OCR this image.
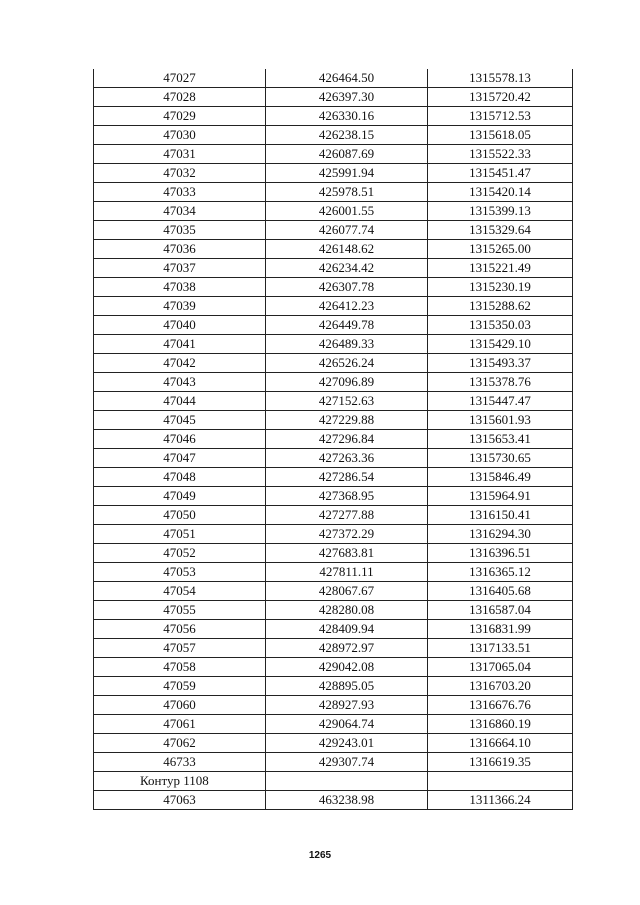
47027	426464.50	1315578.13
47028	426397.30	1315720.42
47029	426330.16	1315712.53
47030	426238.15	1315618.05
47031	426087.69	1315522.33
47032	425991.94	1315451.47
47033	425978.51	1315420.14
47034	426001.55	1315399.13
47035	426077.74	1315329.64
47036	426148.62	1315265.00
47037	426234.42	1315221.49
47038	426307.78	1315230.19
47039	426412.23	1315288.62
47040	426449.78	1315350.03
47041	426489.33	1315429.10
47042	426526.24	1315493.37
47043	427096.89	1315378.76
47044	427152.63	1315447.47
47045	427229.88	1315601.93
47046	427296.84	1315653.41
47047	427263.36	1315730.65
47048	427286.54	1315846.49
47049	427368.95	1315964.91
47050	427277.88	1316150.41
47051	427372.29	1316294.30
47052	427683.81	1316396.51
47053	427811.11	1316365.12
47054	428067.67	1316405.68
47055	428280.08	1316587.04
47056	428409.94	1316831.99
47057	428972.97	1317133.51
47058	429042.08	1317065.04
47059	428895.05	1316703.20
47060	428927.93	1316676.76
47061	429064.74	1316860.19
47062	429243.01	1316664.10
46733	429307.74	1316619.35
Контур 1108		
47063	463238.98	1311366.24
1265
